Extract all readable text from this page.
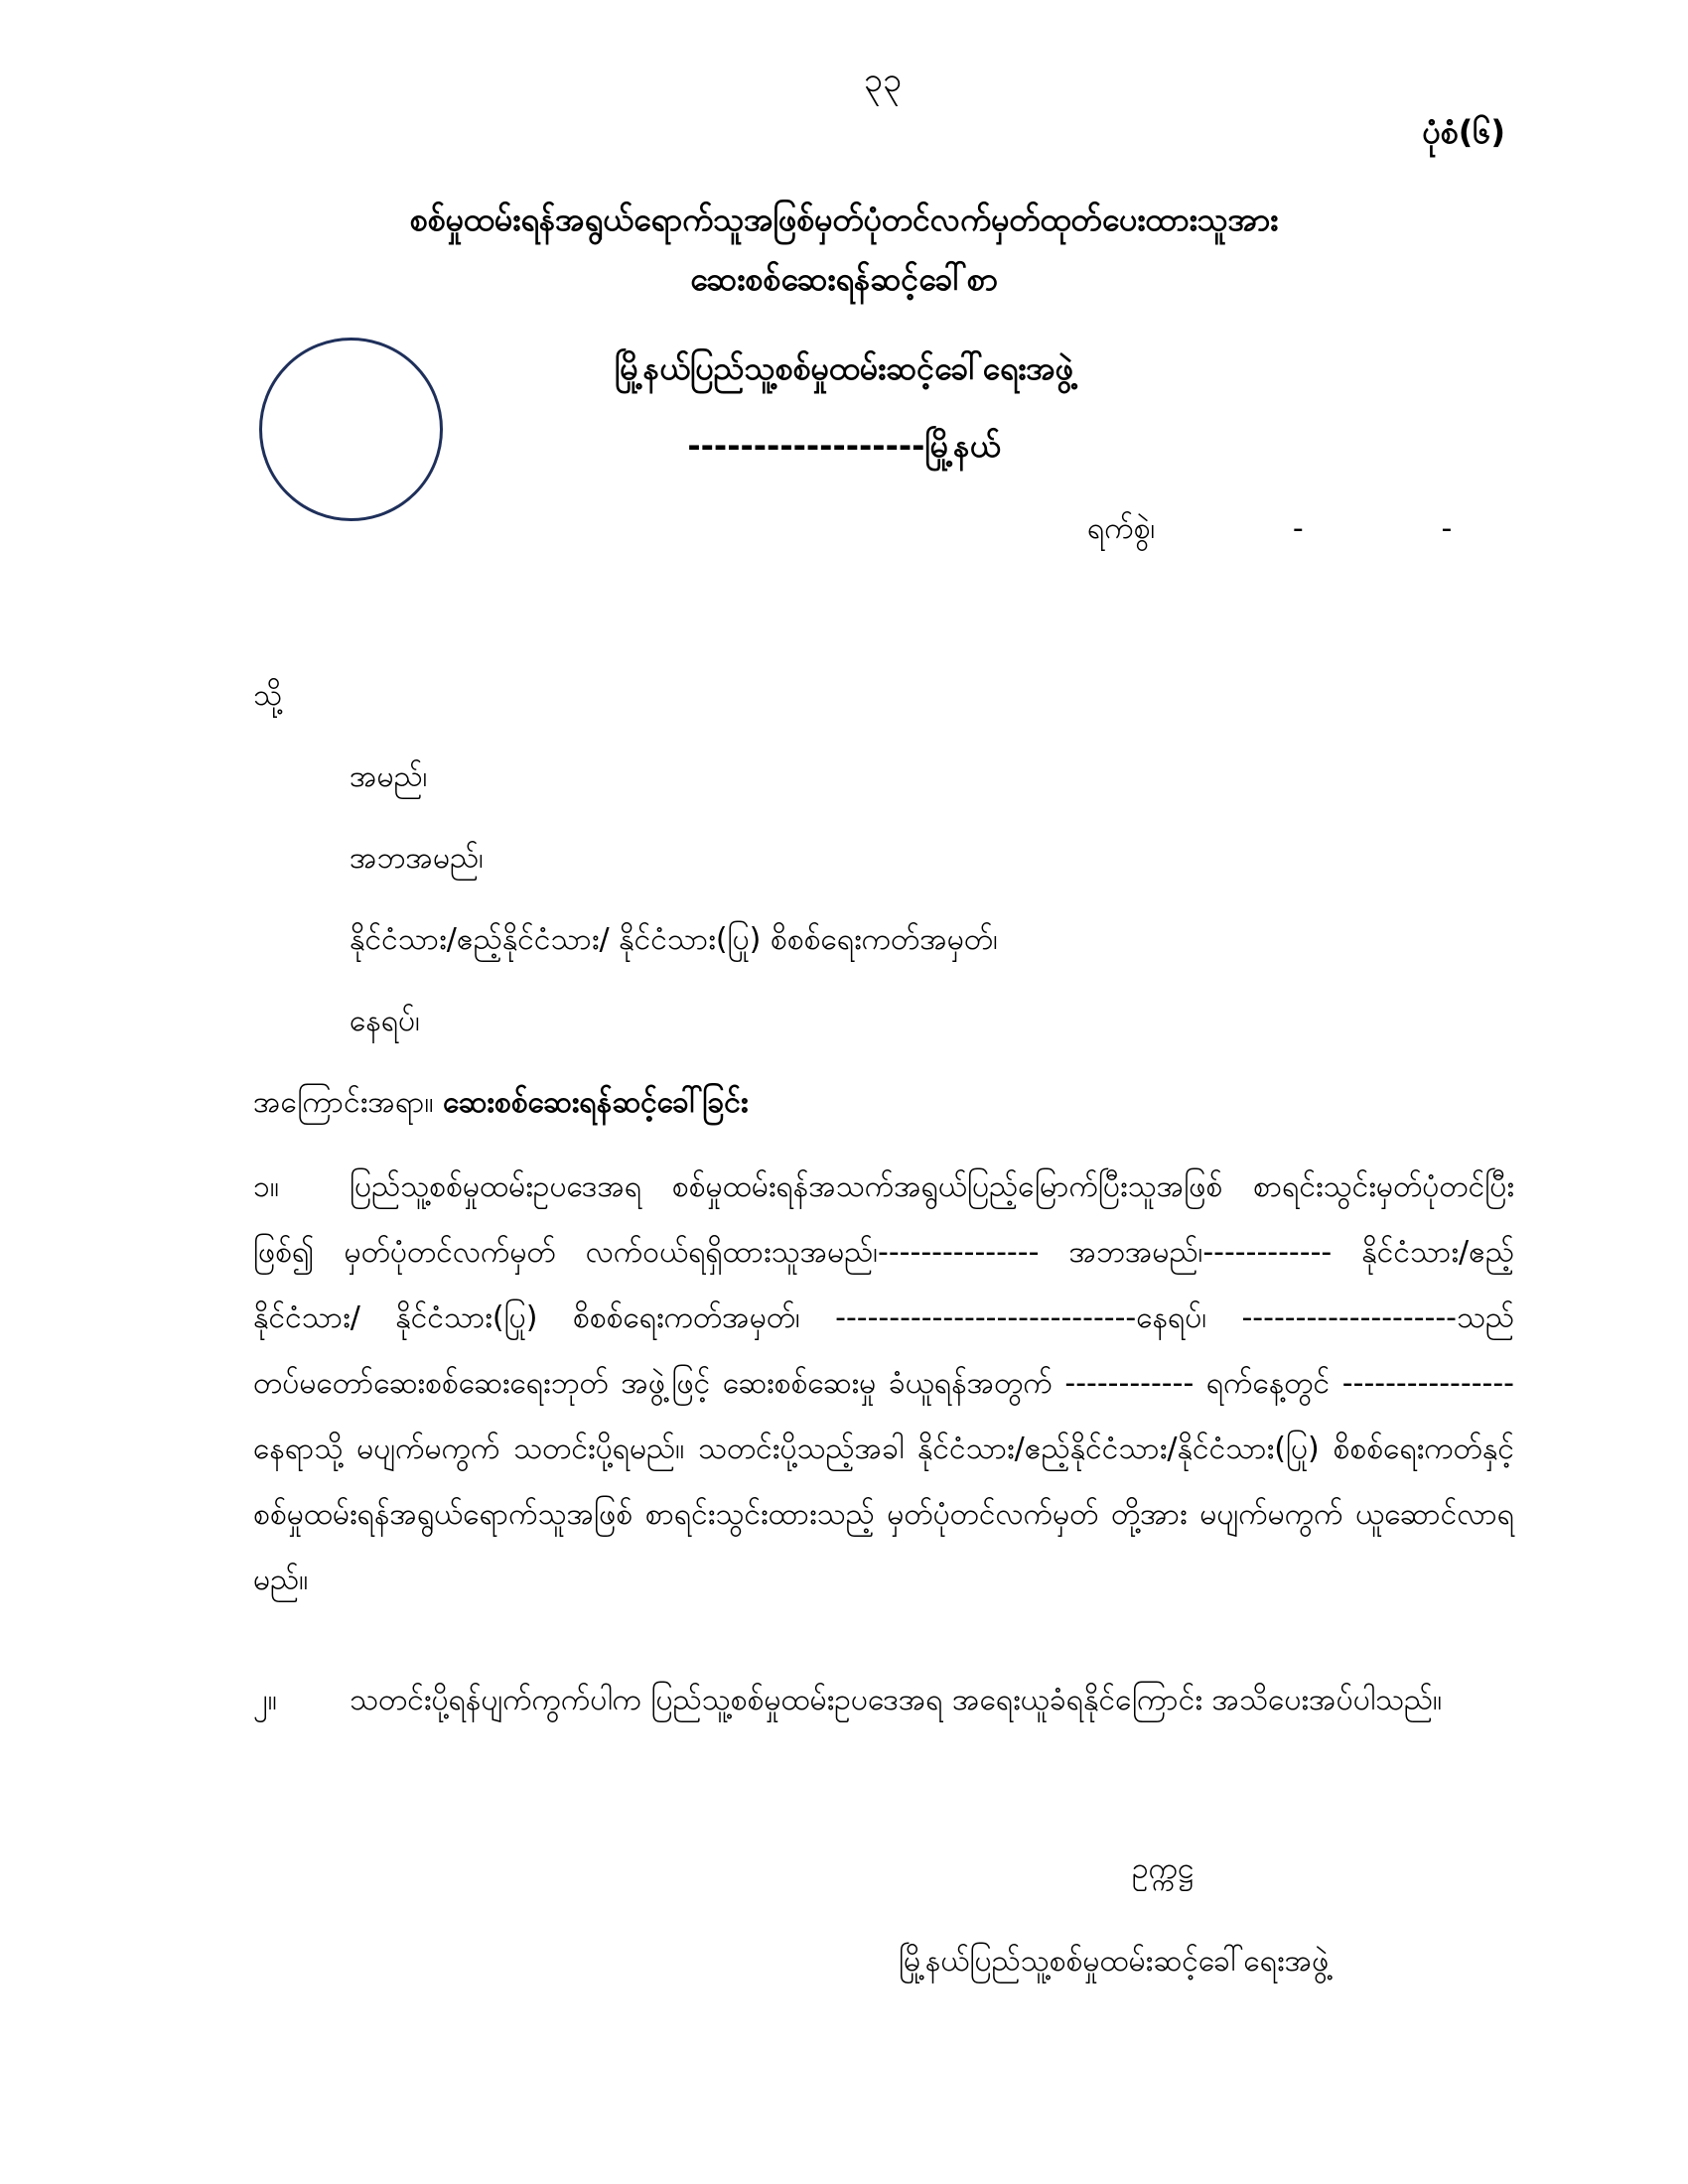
၃၃
ပုံစံ(၆)
စစ်မှုထမ်းရန်အရွယ်ရောက်သူအဖြစ်မှတ်ပုံတင်လက်မှတ်ထုတ်ပေးထားသူအား
ဆေးစစ်ဆေးရန်ဆင့်ခေါ်စာ
မြို့နယ်ပြည်သူ့စစ်မှုထမ်းဆင့်ခေါ်ရေးအဖွဲ့
------------------မြို့နယ်
ရက်စွဲ၊	-	-
သို့
အမည်၊
အဘအမည်၊
နိုင်ငံသား/ဧည့်နိုင်ငံသား/ နိုင်ငံသား(ပြု) စိစစ်ရေးကတ်အမှတ်၊
နေရပ်၊
အကြောင်းအရာ။ ဆေးစစ်ဆေးရန်ဆင့်ခေါ်ခြင်း
၁။ ပြည်သူ့စစ်မှုထမ်းဥပဒေအရ စစ်မှုထမ်းရန်အသက်အရွယ်ပြည့်မြောက်ပြီးသူအဖြစ် စာရင်းသွင်းမှတ်ပုံတင်ပြီးဖြစ်၍ မှတ်ပုံတင်လက်မှတ် လက်ဝယ်ရရှိထားသူအမည်၊--------------- အဘအမည်၊------------ နိုင်ငံသား/ဧည့်နိုင်ငံသား/ နိုင်ငံသား(ပြု) စိစစ်ရေးကတ်အမှတ်၊ ----------------------------နေရပ်၊ --------------------သည် တပ်မတော်ဆေးစစ်ဆေးရေးဘုတ် အဖွဲ့ဖြင့် ဆေးစစ်ဆေးမှု ခံယူရန်အတွက် ------------ ရက်နေ့တွင် ----------------နေရာသို့ မပျက်မကွက် သတင်းပို့ရမည်။ သတင်းပို့သည့်အခါ နိုင်ငံသား/ဧည့်နိုင်ငံသား/နိုင်ငံသား(ပြု) စိစစ်ရေးကတ်နှင့် စစ်မှုထမ်းရန်အရွယ်ရောက်သူအဖြစ် စာရင်းသွင်းထားသည့် မှတ်ပုံတင်လက်မှတ် တို့အား မပျက်မကွက် ယူဆောင်လာရမည်။
၂။ သတင်းပို့ရန်ပျက်ကွက်ပါက ပြည်သူ့စစ်မှုထမ်းဥပဒေအရ အရေးယူခံရနိုင်ကြောင်း အသိပေးအပ်ပါသည်။
ဥက္ကဋ္ဌ
မြို့နယ်ပြည်သူ့စစ်မှုထမ်းဆင့်ခေါ်ရေးအဖွဲ့
